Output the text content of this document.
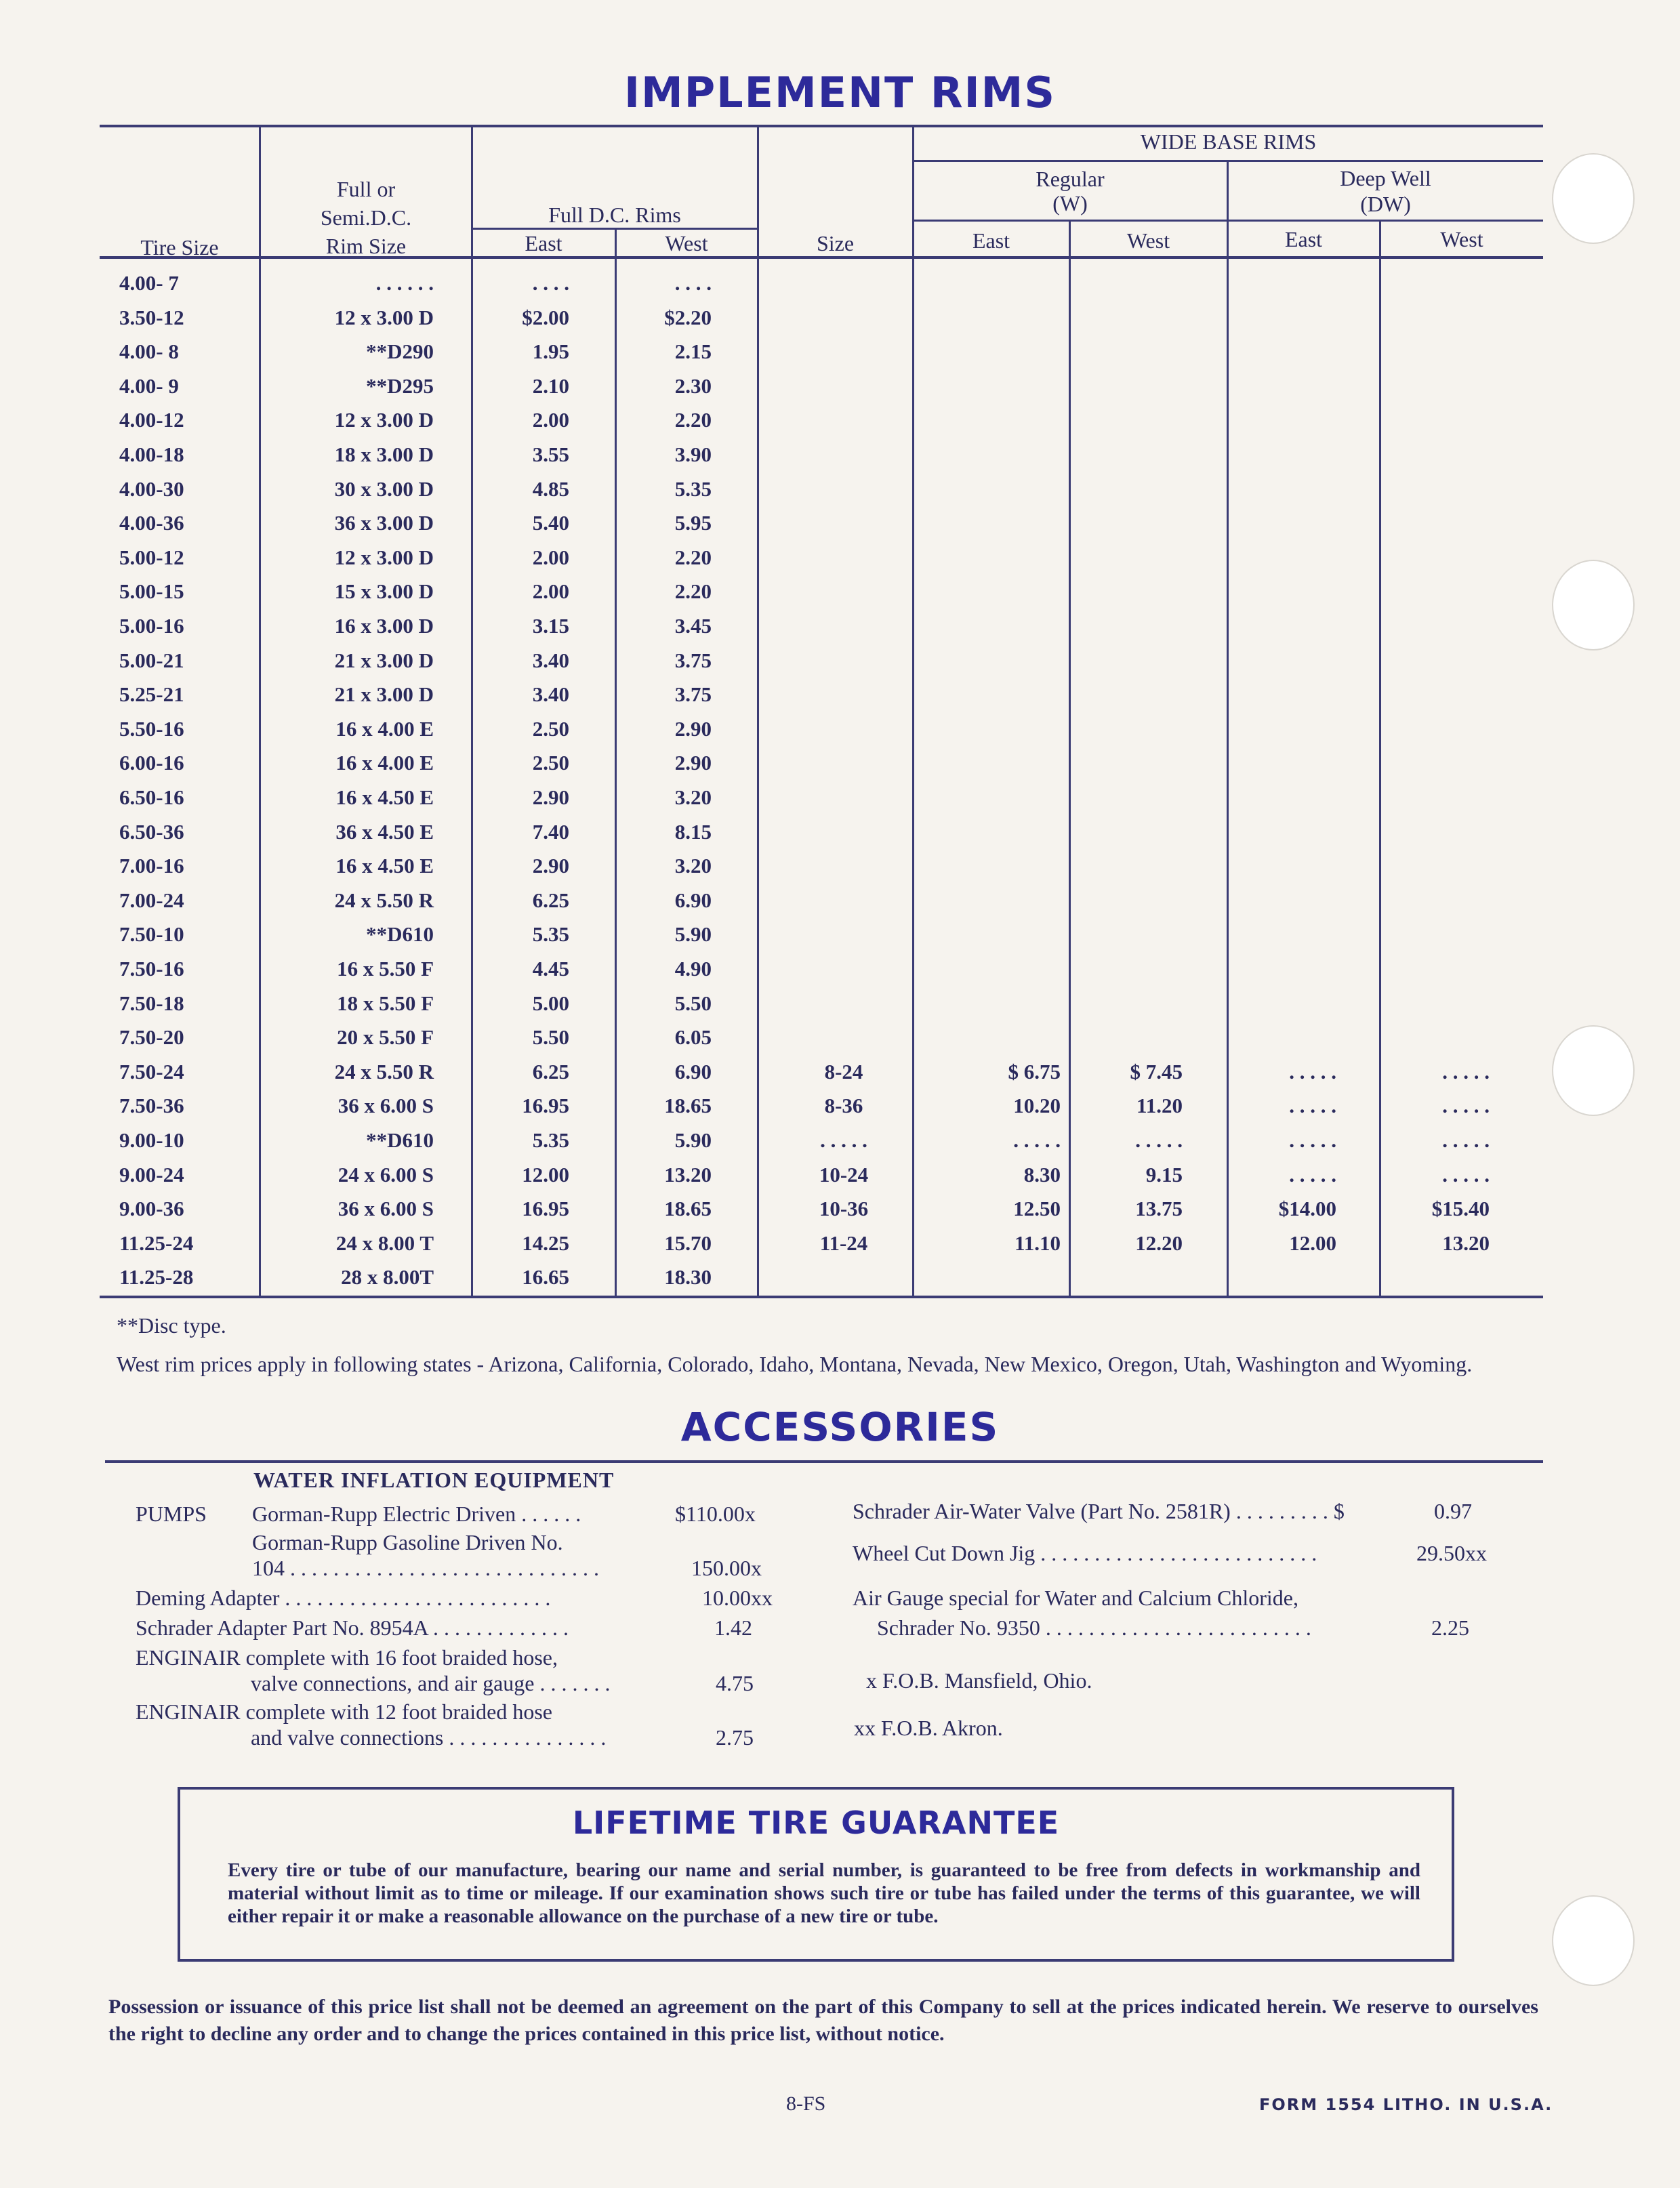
IMPLEMENT RIMS
Tire Size
Full or
Semi.D.C.
Rim Size
Full D.C. Rims
East	West	Size
WIDE BASE RIMS
Regular
(W)
Deep Well
(DW)
East	West	East	West
4.00- 7	. . . . . .	. . . .	. . . .
3.50-12	12 x 3.00 D	$2.00	$2.20
4.00- 8	**D290	1.95	2.15
4.00- 9	**D295	2.10	2.30
4.00-12	12 x 3.00 D	2.00	2.20
4.00-18	18 x 3.00 D	3.55	3.90
4.00-30	30 x 3.00 D	4.85	5.35
4.00-36	36 x 3.00 D	5.40	5.95
5.00-12	12 x 3.00 D	2.00	2.20
5.00-15	15 x 3.00 D	2.00	2.20
5.00-16	16 x 3.00 D	3.15	3.45
5.00-21	21 x 3.00 D	3.40	3.75
5.25-21	21 x 3.00 D	3.40	3.75
5.50-16	16 x 4.00 E	2.50	2.90
6.00-16	16 x 4.00 E	2.50	2.90
6.50-16	16 x 4.50 E	2.90	3.20
6.50-36	36 x 4.50 E	7.40	8.15
7.00-16	16 x 4.50 E	2.90	3.20
7.00-24	24 x 5.50 R	6.25	6.90
7.50-10	**D610	5.35	5.90
7.50-16	16 x 5.50 F	4.45	4.90
7.50-18	18 x 5.50 F	5.00	5.50
7.50-20	20 x 5.50 F	5.50	6.05
7.50-24	24 x 5.50 R	6.25	6.90	8-24	$ 6.75	$ 7.45	. . . . .	. . . . .
7.50-36	36 x 6.00 S	16.95	18.65	8-36	10.20	11.20	. . . . .	. . . . .
9.00-10	**D610	5.35	5.90	. . . . .	. . . . .	. . . . .	. . . . .	. . . . .
9.00-24	24 x 6.00 S	12.00	13.20	10-24	8.30	9.15	. . . . .	. . . . .
9.00-36	36 x 6.00 S	16.95	18.65	10-36	12.50	13.75	$14.00	$15.40
11.25-24	24 x 8.00 T	14.25	15.70	11-24	11.10	12.20	12.00	13.20
11.25-28	28 x 8.00T	16.65	18.30
**Disc type.
West rim prices apply in following states - Arizona, California, Colorado, Idaho, Montana, Nevada, New Mexico, Oregon, Utah, Washington and Wyoming.
ACCESSORIES
WATER INFLATION EQUIPMENT
PUMPS Gorman-Rupp Electric Driven . . . . . .	$110.00x
Gorman-Rupp Gasoline Driven No.
104 . . . . . . . . . . . . . . . . . . . . . . . . . . . . .	150.00x
Deming Adapter . . . . . . . . . . . . . . . . . . . . . . . . .	10.00xx
Schrader Adapter Part No. 8954A . . . . . . . . . . . . .	1.42
ENGINAIR complete with 16 foot braided hose,
valve connections, and air gauge . . . . . . .	4.75
ENGINAIR complete with 12 foot braided hose
and valve connections . . . . . . . . . . . . . . .	2.75
Schrader Air-Water Valve (Part No. 2581R) . . . . . . . . . $	0.97
Wheel Cut Down Jig . . . . . . . . . . . . . . . . . . . . . . . . . .	29.50xx
Air Gauge special for Water and Calcium Chloride,
Schrader No. 9350 . . . . . . . . . . . . . . . . . . . . . . . . .	2.25
x F.O.B. Mansfield, Ohio.
xx F.O.B. Akron.
LIFETIME TIRE GUARANTEE
Every tire or tube of our manufacture, bearing our name and serial number, is guaranteed to be free from defects in workmanship and material without limit as to time or mileage. If our examination shows such tire or tube has failed under the terms of this guarantee, we will either repair it or make a reasonable allowance on the purchase of a new tire or tube.
Possession or issuance of this price list shall not be deemed an agreement on the part of this Company to sell at the prices indicated herein. We reserve to ourselves the right to decline any order and to change the prices contained in this price list, without notice.
8-FS	FORM 1554 LITHO. IN U.S.A.
